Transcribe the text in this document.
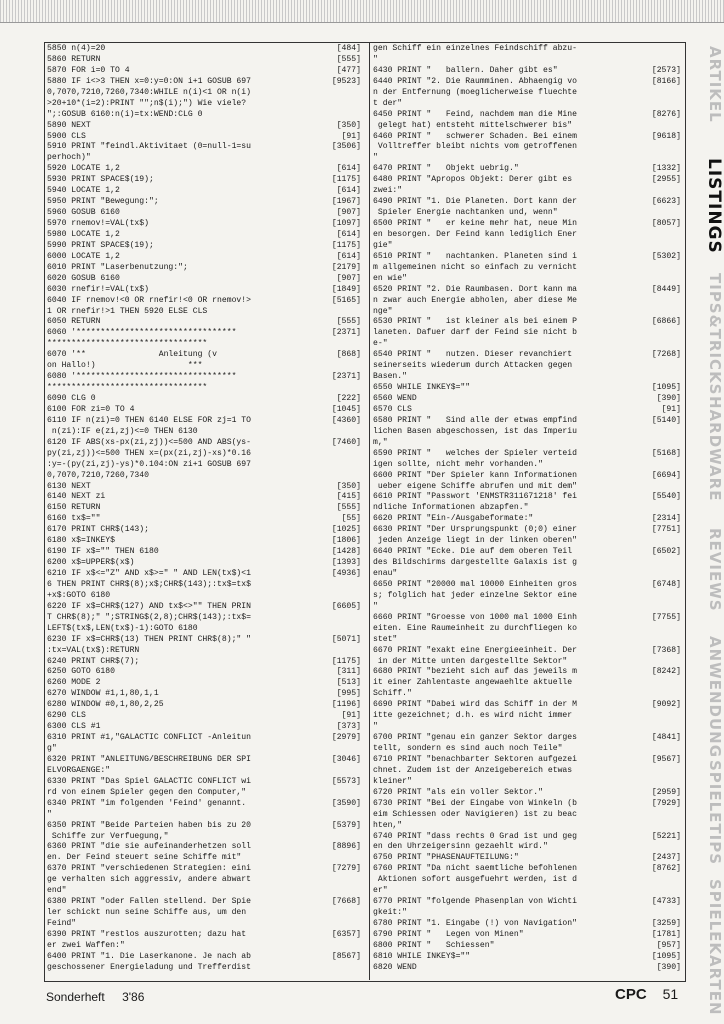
5850 n(4)=20	[484]
5860 RETURN	[555]
5870 FOR i=0 TO 4	[477]
5880 IF i<>3 THEN x=0:y=0:ON i+1 GOSUB 697	[9523]
0,7070,7210,7260,7340:WHILE n(i)<1 OR n(i)
>20+10*(i=2):PRINT "";n$(i);") Wie viele?
";:GOSUB 6160:n(i)=tx:WEND:CLG 0
5890 NEXT	[350]
5900 CLS	[91]
5910 PRINT "feindl.Aktivitaet (0=null-1=su	[3506]
perhoch)"
5920 LOCATE 1,2	[614]
5930 PRINT SPACE$(19);	[1175]
5940 LOCATE 1,2	[614]
5950 PRINT "Bewegung:";	[1967]
5960 GOSUB 6160	[907]
5970 rnemov!=VAL(tx$)	[1097]
5980 LOCATE 1,2	[614]
5990 PRINT SPACE$(19);	[1175]
6000 LOCATE 1,2	[614]
6010 PRINT "Laserbenutzung:";	[2179]
6020 GOSUB 6160	[907]
6030 rnefir!=VAL(tx$)	[1849]
6040 IF rnemov!<0 OR rnefir!<0 OR rnemov!>	[5165]
1 OR rnefir!>1 THEN 5920 ELSE CLS
6050 RETURN	[555]
6060 '*********************************	[2371]
*********************************
6070 '**               Anleitung (v	[868]
on Hallo!)                   ***
6080 '*********************************	[2371]
*********************************
6090 CLG 0	[222]
6100 FOR zi=0 TO 4	[1045]
6110 IF n(zi)=0 THEN 6140 ELSE FOR zj=1 TO	[4360]
n(zi):IF e(zi,zj)<=0 THEN 6130
6120 IF ABS(xs-px(zi,zj))<=500 AND ABS(ys-	[7460]
py(zi,zj))<=500 THEN x=(px(zi,zj)-xs)*0.16
:y=-(py(zi,zj)-ys)*0.104:ON zi+1 GOSUB 697
0,7070,7210,7260,7340
6130 NEXT	[350]
6140 NEXT zi	[415]
6150 RETURN	[555]
6160 tx$=""	[55]
6170 PRINT CHR$(143);	[1025]
6180 x$=INKEY$	[1806]
6190 IF x$="" THEN 6180	[1428]
6200 x$=UPPER$(x$)	[1393]
6210 IF x$<="Z" AND x$>=" " AND LEN(tx$)<1	[4936]
6 THEN PRINT CHR$(8);x$;CHR$(143);:tx$=tx$
+x$:GOTO 6180
6220 IF x$=CHR$(127) AND tx$<>"" THEN PRIN	[6605]
T CHR$(8);" ";STRING$(2,8);CHR$(143);:tx$=
LEFT$(tx$,LEN(tx$)-1):GOTO 6180
6230 IF x$=CHR$(13) THEN PRINT CHR$(8);" "	[5071]
:tx=VAL(tx$):RETURN
6240 PRINT CHR$(7);	[1175]
6250 GOTO 6180	[311]
6260 MODE 2	[513]
6270 WINDOW #1,1,80,1,1	[995]
6280 WINDOW #0,1,80,2,25	[1196]
6290 CLS	[91]
6300 CLS #1	[373]
6310 PRINT #1,"GALACTIC CONFLICT -Anleitun	[2979]
g"
6320 PRINT "ANLEITUNG/BESCHREIBUNG DER SPI	[3046]
ELVORGAENGE:"
6330 PRINT "Das Spiel GALACTIC CONFLICT wi	[5573]
rd von einem Spieler gegen den Computer,"
6340 PRINT "im folgenden 'Feind' genannt.	[3590]
"
6350 PRINT "Beide Parteien haben bis zu 20	[5379]
Schiffe zur Verfuegung,"
6360 PRINT "die sie aufeinanderhetzen soll	[8896]
en. Der Feind steuert seine Schiffe mit"
6370 PRINT "verschiedenen Strategien: eini	[7279]
ge verhalten sich aggressiv, andere abwart
end"
6380 PRINT "oder Fallen stellend. Der Spie	[7668]
ler schickt nun seine Schiffe aus, um den
Feind"
6390 PRINT "restlos auszurotten; dazu hat	[6357]
er zwei Waffen:"
6400 PRINT "1. Die Laserkanone. Je nach ab	[8567]
geschossener Energieladung und Trefferdist
gen Schiff ein einzelnes Feindschiff abzu-
"
6430 PRINT "   ballern. Daher gibt es"	[2573]
6440 PRINT "2. Die Raumminen. Abhaengig vo	[8166]
n der Entfernung (moeglicherweise fluechte
t der"
6450 PRINT "   Feind, nachdem man die Mine	[8276]
gelegt hat) entsteht mittelschwerer bis"
6460 PRINT "   schwerer Schaden. Bei einem	[9618]
Volltreffer bleibt nichts vom getroffenen
"
6470 PRINT "   Objekt uebrig."	[1332]
6480 PRINT "Apropos Objekt: Derer gibt es	[2955]
zwei:"
6490 PRINT "1. Die Planeten. Dort kann der	[6623]
Spieler Energie nachtanken und, wenn"
6500 PRINT "   er keine mehr hat, neue Min	[8057]
en besorgen. Der Feind kann lediglich Ener
gie"
6510 PRINT "   nachtanken. Planeten sind i	[5302]
m allgemeinen nicht so einfach zu vernicht
en wie"
6520 PRINT "2. Die Raumbasen. Dort kann ma	[8449]
n zwar auch Energie abholen, aber diese Me
nge"
6530 PRINT "   ist kleiner als bei einem P	[6866]
laneten. Dafuer darf der Feind sie nicht b
e-"
6540 PRINT "   nutzen. Dieser revanchiert	[7268]
seinerseits wiederum durch Attacken gegen
Basen."
6550 WHILE INKEY$=""	[1095]
6560 WEND	[390]
6570 CLS	[91]
6580 PRINT "   Sind alle der etwas empfind	[5140]
lichen Basen abgeschossen, ist das Imperiu
m,"
6590 PRINT "   welches der Spieler verteid	[5168]
igen sollte, nicht mehr vorhanden."
6600 PRINT "Der Spieler kann Informationen	[6694]
ueber eigene Schiffe abrufen und mit dem"
6610 PRINT "Passwort 'ENMSTR311671218' fei	[5540]
ndliche Informationen abzapfen."
6620 PRINT "Ein-/Ausgabeformate:"	[2314]
6630 PRINT "Der Ursprungspunkt (0;0) einer	[7751]
jeden Anzeige liegt in der linken oberen"
6640 PRINT "Ecke. Die auf dem oberen Teil	[6502]
des Bildschirms dargestellte Galaxis ist g
enau"
6650 PRINT "20000 mal 10000 Einheiten gros	[6748]
s; folglich hat jeder einzelne Sektor eine
"
6660 PRINT "Groesse von 1000 mal 1000 Einh	[7755]
eiten. Eine Raumeinheit zu durchfliegen ko
stet"
6670 PRINT "exakt eine Energieeinheit. Der	[7368]
in der Mitte unten dargestellte Sektor"
6680 PRINT "bezieht sich auf das jeweils m	[8242]
it einer Zahlentaste angewaehlte aktuelle
Schiff."
6690 PRINT "Dabei wird das Schiff in der M	[9092]
itte gezeichnet; d.h. es wird nicht immer
"
6700 PRINT "genau ein ganzer Sektor darges	[4841]
tellt, sondern es sind auch noch Teile"
6710 PRINT "benachbarter Sektoren aufgezei	[9567]
chnet. Zudem ist der Anzeigebereich etwas
kleiner"
6720 PRINT "als ein voller Sektor."	[2959]
6730 PRINT "Bei der Eingabe von Winkeln (b	[7929]
eim Schiessen oder Navigieren) ist zu beac
hten,"
6740 PRINT "dass rechts 0 Grad ist und geg	[5221]
en den Uhrzeigersinn gezaehlt wird."
6750 PRINT "PHASENAUFTEILUNG:"	[2437]
6760 PRINT "Da nicht saemtliche befohlenen	[8762]
Aktionen sofort ausgefuehrt werden, ist d
er"
6770 PRINT "folgende Phasenplan von Wichti	[4733]
gkeit:"
6780 PRINT "1. Eingabe (!) von Navigation"	[3259]
6790 PRINT "   Legen von Minen"	[1781]
6800 PRINT "   Schiessen"	[957]
6810 WHILE INKEY$=""	[1095]
6820 WEND	[390]
ARTIKEL
LISTINGS
TIPS&TRICKS
HARDWARE
REVIEWS
ANWENDUNG
SPIELETIPS
SPIELEKARTEN
Sonderheft 3'86	CPC 51
